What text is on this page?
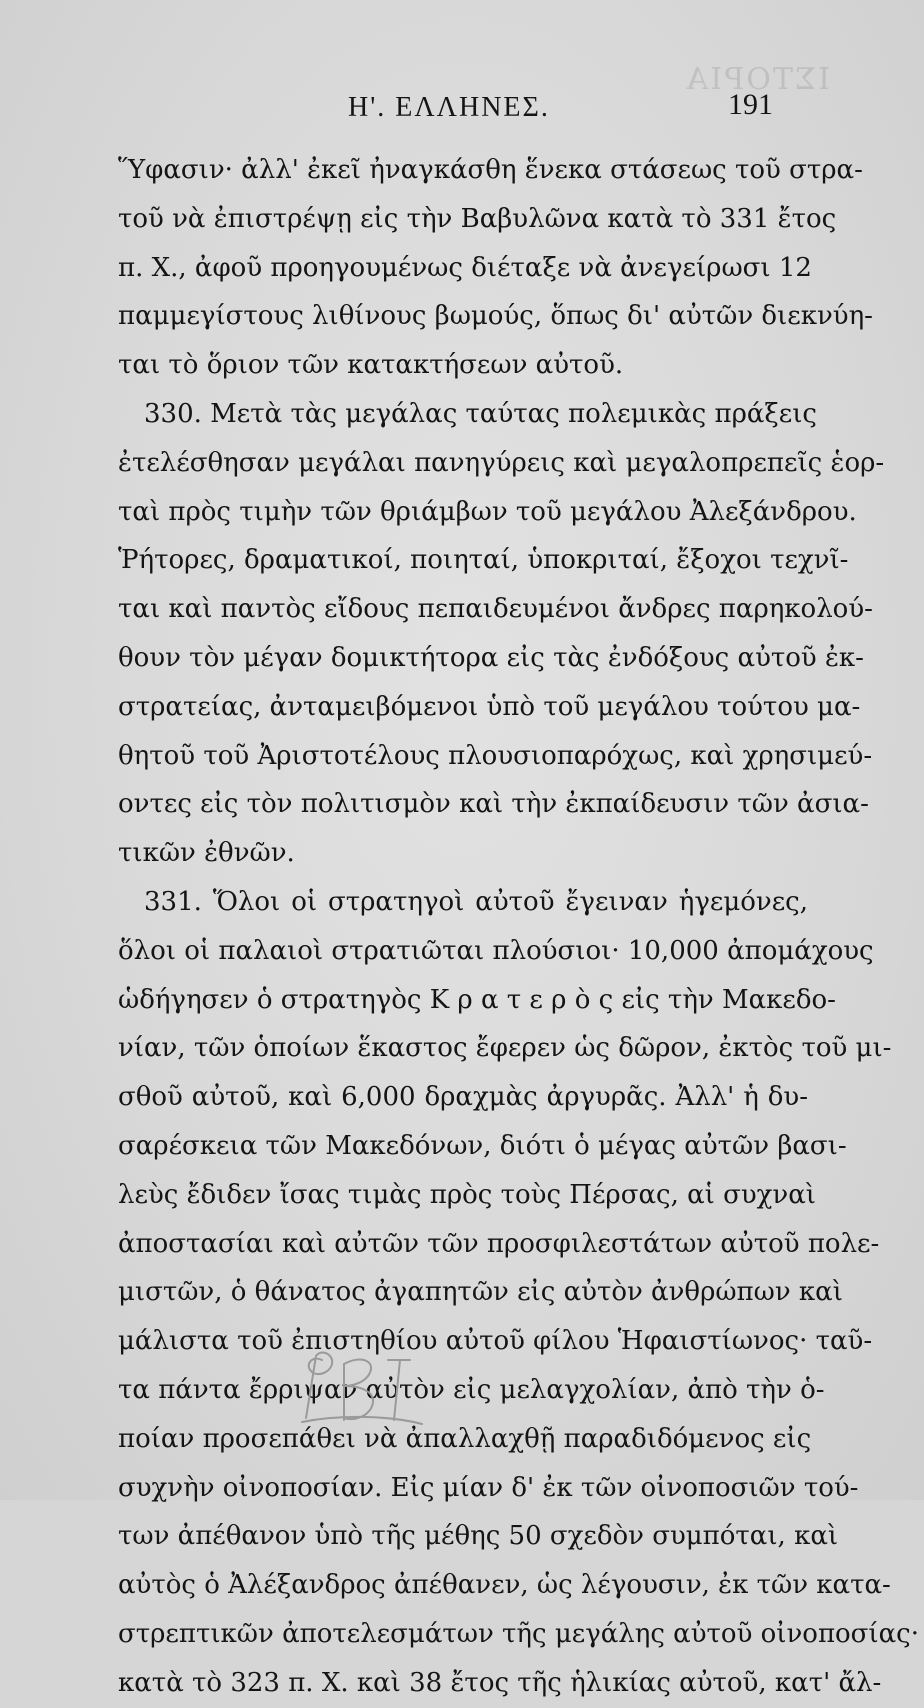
ΙΣΤΟΡΙΑ
Η'. ΕΛΛΗΝΕΣ.	191
Ὕφασιν· ἀλλ' ἐκεῖ ἠναγκάσθη ἕνεκα στάσεως τοῦ στρα-
τοῦ νὰ ἐπιστρέψῃ εἰς τὴν Βαβυλῶνα κατὰ τὸ 331 ἔτος
π. Χ., ἀφοῦ προηγουμένως διέταξε νὰ ἀνεγείρωσι 12
παμμεγίστους λιθίνους βωμούς, ὅπως δι' αὐτῶν διεκνύη-
ται τὸ ὅριον τῶν κατακτήσεων αὐτοῦ.
330. Μετὰ τὰς μεγάλας ταύτας πολεμικὰς πράξεις
ἐτελέσθησαν μεγάλαι πανηγύρεις καὶ μεγαλοπρεπεῖς ἑορ-
ταὶ πρὸς τιμὴν τῶν θριάμβων τοῦ μεγάλου Ἀλεξάνδρου.
Ῥήτορες, δραματικοί, ποιηταί, ὑποκριταί, ἔξοχοι τεχνῖ-
ται καὶ παντὸς εἴδους πεπαιδευμένοι ἄνδρες παρηκολού-
θουν τὸν μέγαν δομικτήτορα εἰς τὰς ἐνδόξους αὐτοῦ ἐκ-
στρατείας, ἀνταμειβόμενοι ὑπὸ τοῦ μεγάλου τούτου μα-
θητοῦ τοῦ Ἀριστοτέλους πλουσιοπαρόχως, καὶ χρησιμεύ-
οντες εἰς τὸν πολιτισμὸν καὶ τὴν ἐκπαίδευσιν τῶν ἀσια-
τικῶν ἐθνῶν.
331. Ὅλοι οἱ στρατηγοὶ αὐτοῦ ἔγειναν ἡγεμόνες,
ὅλοι οἱ παλαιοὶ στρατιῶται πλούσιοι· 10,000 ἀπομάχους
ὡδήγησεν ὁ στρατηγὸς Κ ρ α τ ε ρ ὸ ς εἰς τὴν Μακεδο-
νίαν, τῶν ὁποίων ἕκαστος ἔφερεν ὡς δῶρον, ἐκτὸς τοῦ μι-
σθοῦ αὐτοῦ, καὶ 6,000 δραχμὰς ἀργυρᾶς. Ἀλλ' ἡ δυ-
σαρέσκεια τῶν Μακεδόνων, διότι ὁ μέγας αὐτῶν βασι-
λεὺς ἔδιδεν ἴσας τιμὰς πρὸς τοὺς Πέρσας, αἱ συχναὶ
ἀποστασίαι καὶ αὐτῶν τῶν προσφιλεστάτων αὐτοῦ πολε-
μιστῶν, ὁ θάνατος ἀγαπητῶν εἰς αὐτὸν ἀνθρώπων καὶ
μάλιστα τοῦ ἐπιστηθίου αὐτοῦ φίλου Ἡφαιστίωνος· ταῦ-
τα πάντα ἔρριψαν αὐτὸν εἰς μελαγχολίαν, ἀπὸ τὴν ὁ-
ποίαν προσεπάθει νὰ ἀπαλλαχθῇ παραδιδόμενος εἰς
συχνὴν οἰνοποσίαν. Εἰς μίαν δ' ἐκ τῶν οἰνοποσιῶν τού-
των ἀπέθανον ὑπὸ τῆς μέθης 50 σχεδὸν συμπόται, καὶ
αὐτὸς ὁ Ἀλέξανδρος ἀπέθανεν, ὡς λέγουσιν, ἐκ τῶν κατα-
στρεπτικῶν ἀποτελεσμάτων τῆς μεγάλης αὐτοῦ οἰνοποσίας·
κατὰ τὸ 323 π. Χ. καὶ 38 ἔτος τῆς ἡλικίας αὐτοῦ, κατ' ἄλ-
